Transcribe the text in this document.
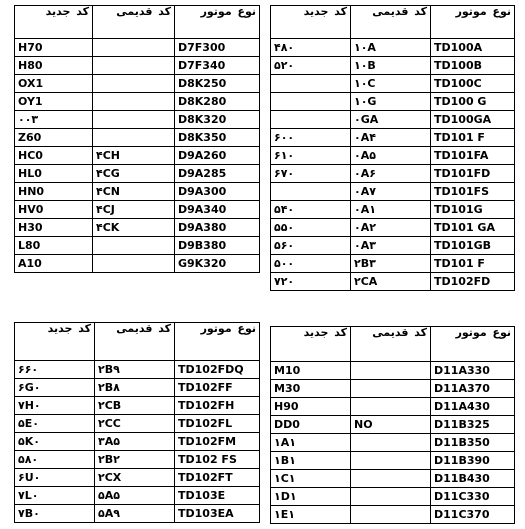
کد جدید	کد قدیمی	نوع موتور

H70		D7F300
H80		D7F340
OX1		D8K250
OY1		D8K280
۰۰۳		D8K320
Z60		D8K350
HC0	۴CH	D9A260
HL0	۴CG	D9A285
HN0	۴CN	D9A300
HV0	۴CJ	D9A340
H30	۴CK	D9A380
L80		D9B380
A10		G9K320
کد جدید	کد قدیمی	نوع موتور

۴۸۰	۱۰A	TD100A
۵۲۰	۱۰B	TD100B
	۱۰C	TD100C
	۱۰G	TD100 G
	۰GA	TD100GA
۶۰۰	۰A۴	TD101 F
۶۱۰	۰A۵	TD101FA
۶۷۰	۰A۶	TD101FD
	۰A۷	TD101FS
۵۴۰	۰A۱	TD101G
۵۵۰	۰A۲	TD101 GA
۵۶۰	۰A۳	TD101GB
۵۰۰	۲B۳	TD101 F
۷۲۰	۲CA	TD102FD
کد جدید	کد قدیمی	نوع موتور

۶۶۰	۲B۹	TD102FDQ
۶G۰	۲B۸	TD102FF
۷H۰	۲CB	TD102FH
۵E۰	۲CC	TD102FL
۵K۰	۳A۵	TD102FM
۵۸۰	۲B۲	TD102 FS
۶U۰	۲CX	TD102FT
۷L۰	۵A۵	TD103E
۷B۰	۵A۹	TD103EA
کد جدید	کد قدیمی	نوع موتور

M10		D11A330
M30		D11A370
H90		D11A430
DD0	NO	D11B325
۱A۱		D11B350
۱B۱		D11B390
۱C۱		D11B430
۱D۱		D11C330
۱E۱		D11C370
